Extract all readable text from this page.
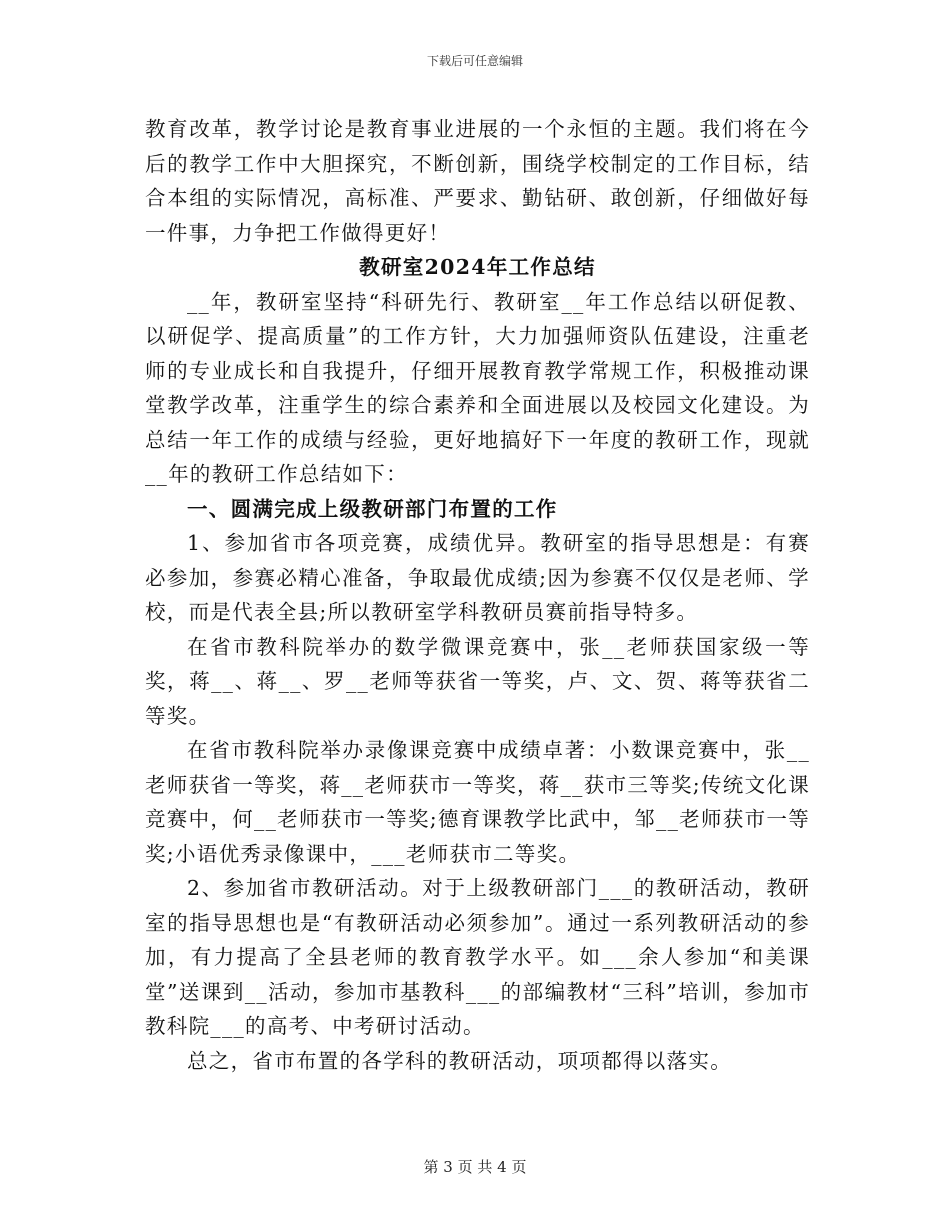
下载后可任意编辑

教育改革，教学讨论是教育事业进展的一个永恒的主题。我们将在今后的教学工作中大胆探究，不断创新，围绕学校制定的工作目标，结合本组的实际情况，高标准、严要求、勤钻研、敢创新，仔细做好每一件事，力争把工作做得更好！

教研室2024年工作总结

__年，教研室坚持“科研先行、教研室__年工作总结以研促教、以研促学、提高质量”的工作方针，大力加强师资队伍建设，注重老师的专业成长和自我提升，仔细开展教育教学常规工作，积极推动课堂教学改革，注重学生的综合素养和全面进展以及校园文化建设。为总结一年工作的成绩与经验，更好地搞好下一年度的教研工作，现就__年的教研工作总结如下：

一、圆满完成上级教研部门布置的工作

1、参加省市各项竞赛，成绩优异。教研室的指导思想是：有赛必参加，参赛必精心准备，争取最优成绩;因为参赛不仅仅是老师、学校，而是代表全县;所以教研室学科教研员赛前指导特多。

在省市教科院举办的数学微课竞赛中，张__老师获国家级一等奖，蒋__、蒋__、罗__老师等获省一等奖，卢、文、贺、蒋等获省二等奖。

在省市教科院举办录像课竞赛中成绩卓著：小数课竞赛中，张__老师获省一等奖，蒋__老师获市一等奖，蒋__获市三等奖;传统文化课竞赛中，何__老师获市一等奖;德育课教学比武中，邹__老师获市一等奖;小语优秀录像课中，___老师获市二等奖。

2、参加省市教研活动。对于上级教研部门___的教研活动，教研室的指导思想也是“有教研活动必须参加”。通过一系列教研活动的参加，有力提高了全县老师的教育教学水平。如___余人参加“和美课堂”送课到__活动，参加市基教科___的部编教材“三科”培训，参加市教科院___的高考、中考研讨活动。

总之，省市布置的各学科的教研活动，项项都得以落实。

第 3 页 共 4 页
